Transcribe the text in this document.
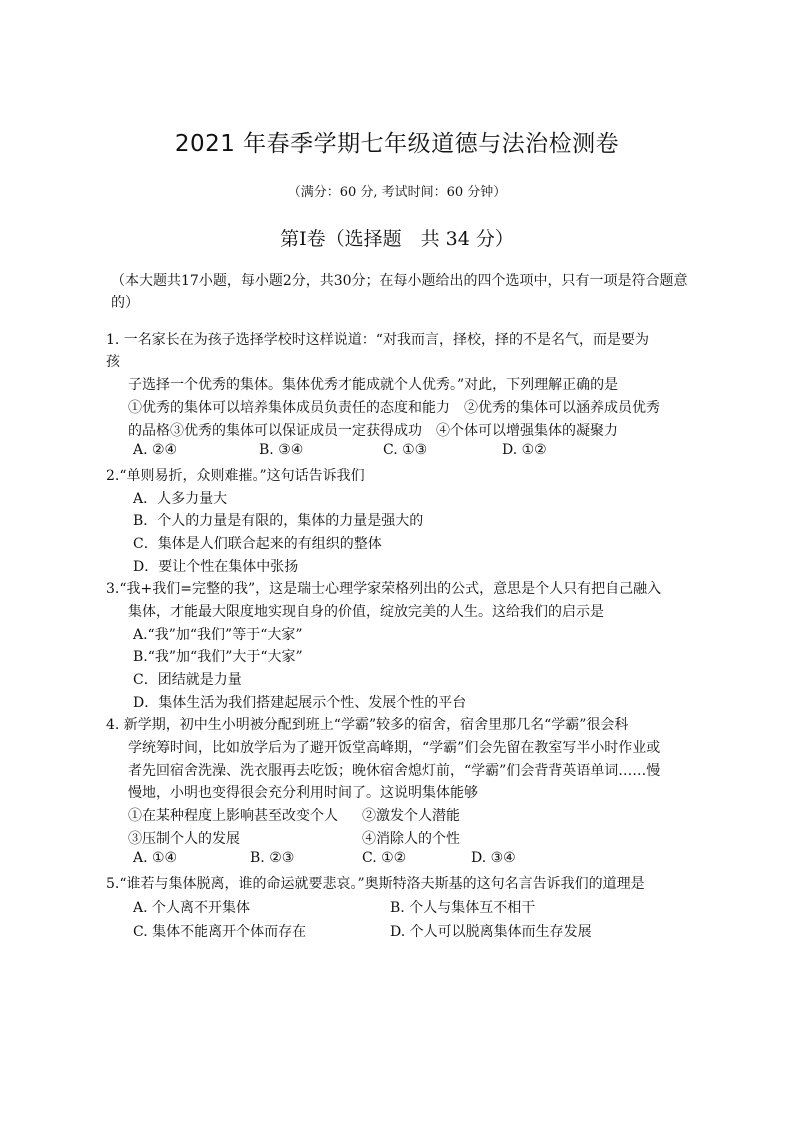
2021 年春季学期七年级道德与法治检测卷
（满分：60 分, 考试时间：60 分钟）
第Ⅰ卷（选择题　共 34 分）
（本大题共17小题，每小题2分，共30分；在每小题给出的四个选项中，只有一项是符合题意的）
1. 一名家长在为孩子选择学校时这样说道：“对我而言，择校，择的不是名气，而是要为
孩
子选择一个优秀的集体。集体优秀才能成就个人优秀。”对此，下列理解正确的是
①优秀的集体可以培养集体成员负责任的态度和能力　②优秀的集体可以涵养成员优秀
的品格③优秀的集体可以保证成员一定获得成功　④个体可以增强集体的凝聚力
A. ②④	B. ③④	C. ①③	D. ①②
2.“单则易折，众则难摧。”这句话告诉我们
A．人多力量大
B．个人的力量是有限的，集体的力量是强大的
C．集体是人们联合起来的有组织的整体
D．要让个性在集体中张扬
3.“我+我们=完整的我”，这是瑞士心理学家荣格列出的公式，意思是个人只有把自己融入
集体，才能最大限度地实现自身的价值，绽放完美的人生。这给我们的启示是
A.“我”加“我们”等于“大家”
B.“我”加“我们”大于“大家”
C．团结就是力量
D．集体生活为我们搭建起展示个性、发展个性的平台
4. 新学期，初中生小明被分配到班上“学霸”较多的宿舍，宿舍里那几名“学霸”很会科
学统筹时间，比如放学后为了避开饭堂高峰期，“学霸”们会先留在教室写半小时作业或
者先回宿舍洗澡、洗衣服再去吃饭；晚休宿舍熄灯前，“学霸”们会背背英语单词……慢
慢地，小明也变得很会充分利用时间了。这说明集体能够
①在某种程度上影响甚至改变个人 ②激发个人潜能
③压制个人的发展	④消除人的个性
A. ①④	B. ②③	C. ①②	D. ③④
5.“谁若与集体脱离，谁的命运就要悲哀。”奥斯特洛夫斯基的这句名言告诉我们的道理是
A. 个人离不开集体	B. 个人与集体互不相干
C. 集体不能离开个体而存在	D. 个人可以脱离集体而生存发展
